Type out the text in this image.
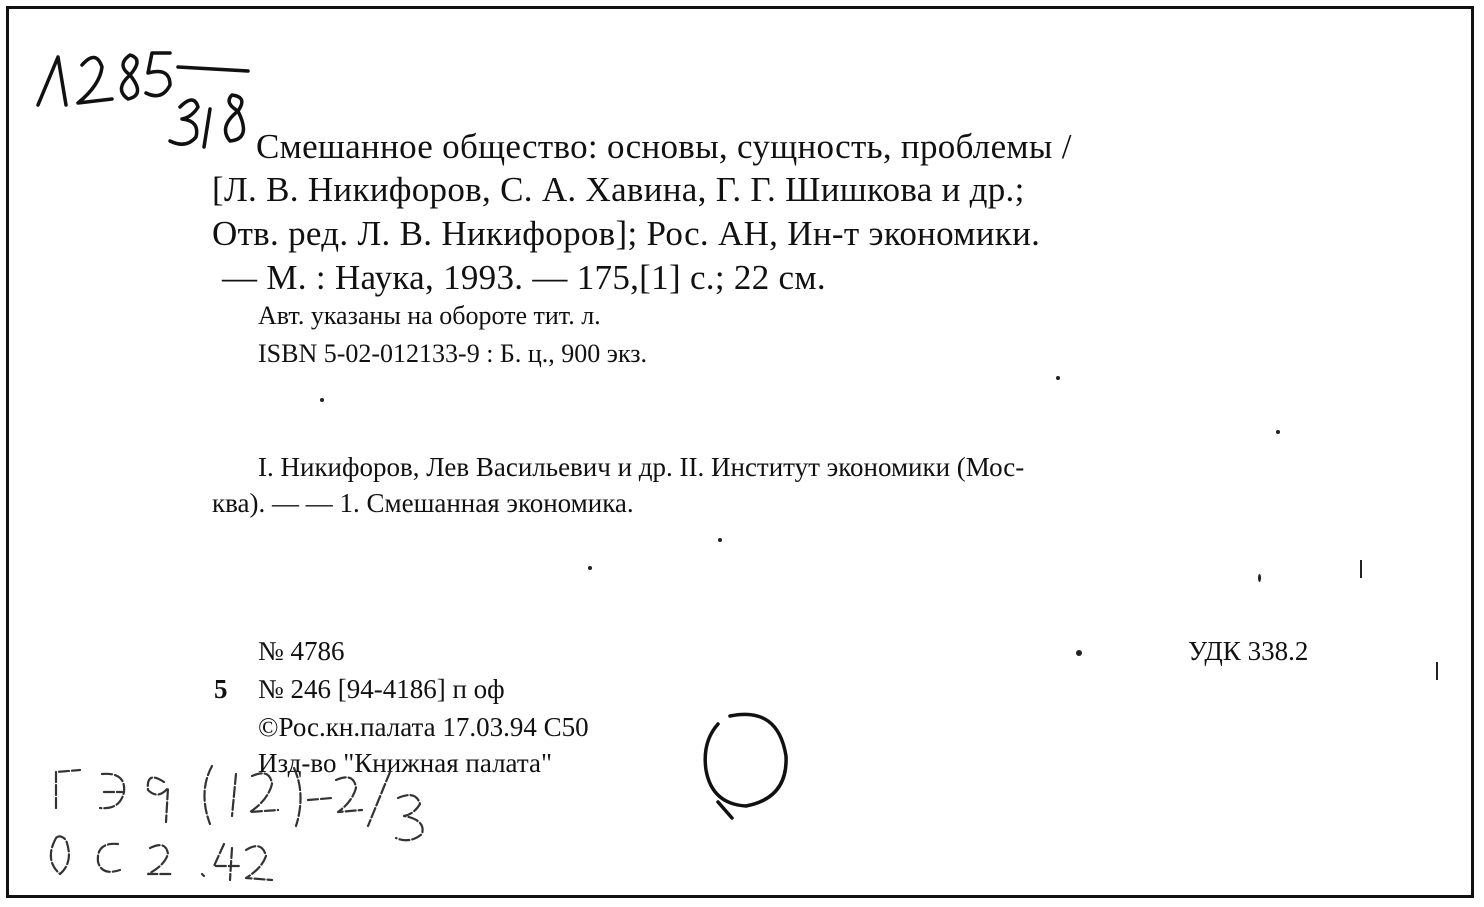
Смешанное общество: основы, сущность, проблемы /
[Л. В. Никифоров, С. А. Хавина, Г. Г. Шишкова и др.;
Отв. ред. Л. В. Никифоров]; Рос. АН, Ин-т экономики.
— М. : Наука, 1993. — 175,[1] с.; 22 см.
Авт. указаны на обороте тит. л.
ISBN 5-02-012133-9 : Б. ц., 900 экз.
I. Никифоров, Лев Васильевич и др. II. Институт экономики (Мос-
ква). — — 1. Смешанная экономика.
№ 4786	УДК 338.2
5 № 246 [94-4186] п оф
©Рос.кн.палата 17.03.94 C50
Изд-во "Книжная палата"
